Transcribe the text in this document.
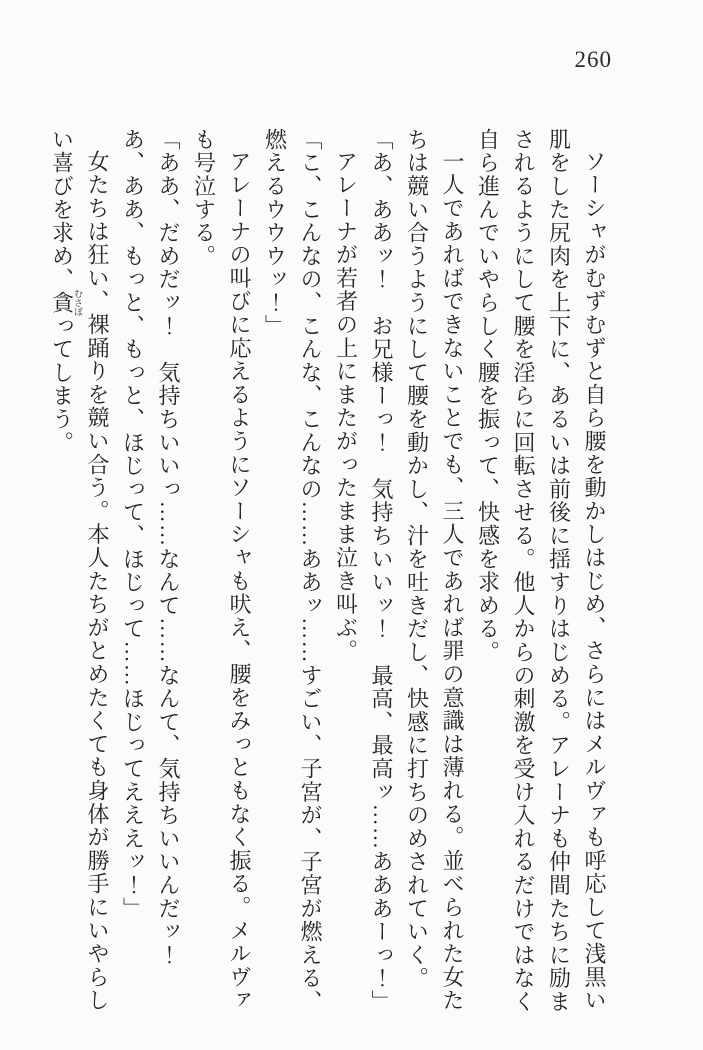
260

ソーシャがむずむずと自ら腰を動かしはじめ、さらにはメルヴァも呼応して浅黒い肌をした尻肉を上下に、あるいは前後に揺すりはじめる。アレーナも仲間たちに励まされるようにして腰を淫らに回転させる。他人からの刺激を受け入れるだけではなく自ら進んでいやらしく腰を振って、快感を求める。

一人であればできないことでも、三人であれば罪の意識は薄れる。並べられた女たちは競い合うようにして腰を動かし、汁を吐きだし、快感に打ちのめされていく。

「あ、ああッ！　お兄様ーっ！　気持ちいいッ！　最高、最高ッ……あああーっ！」

アレーナが若者の上にまたがったまま泣き叫ぶ。

「こ、こんなの、こんな、こんなの……ああッ……すごい、子宮が、子宮が燃える、燃えるウウウッ！」

アレーナの叫びに応えるようにソーシャも吠え、腰をみっともなく振る。メルヴァも号泣する。

「ああ、だめだッ！　気持ちいいっ……なんて……なんて、気持ちいいんだッ！　あ、ああ、もっと、もっと、ほじって、ほじって……ほじってえええッ！」

女たちは狂い、裸踊りを競い合う。本人たちがとめたくても身体が勝手にいやらしい喜びを求め、貪むさぼってしまう。
